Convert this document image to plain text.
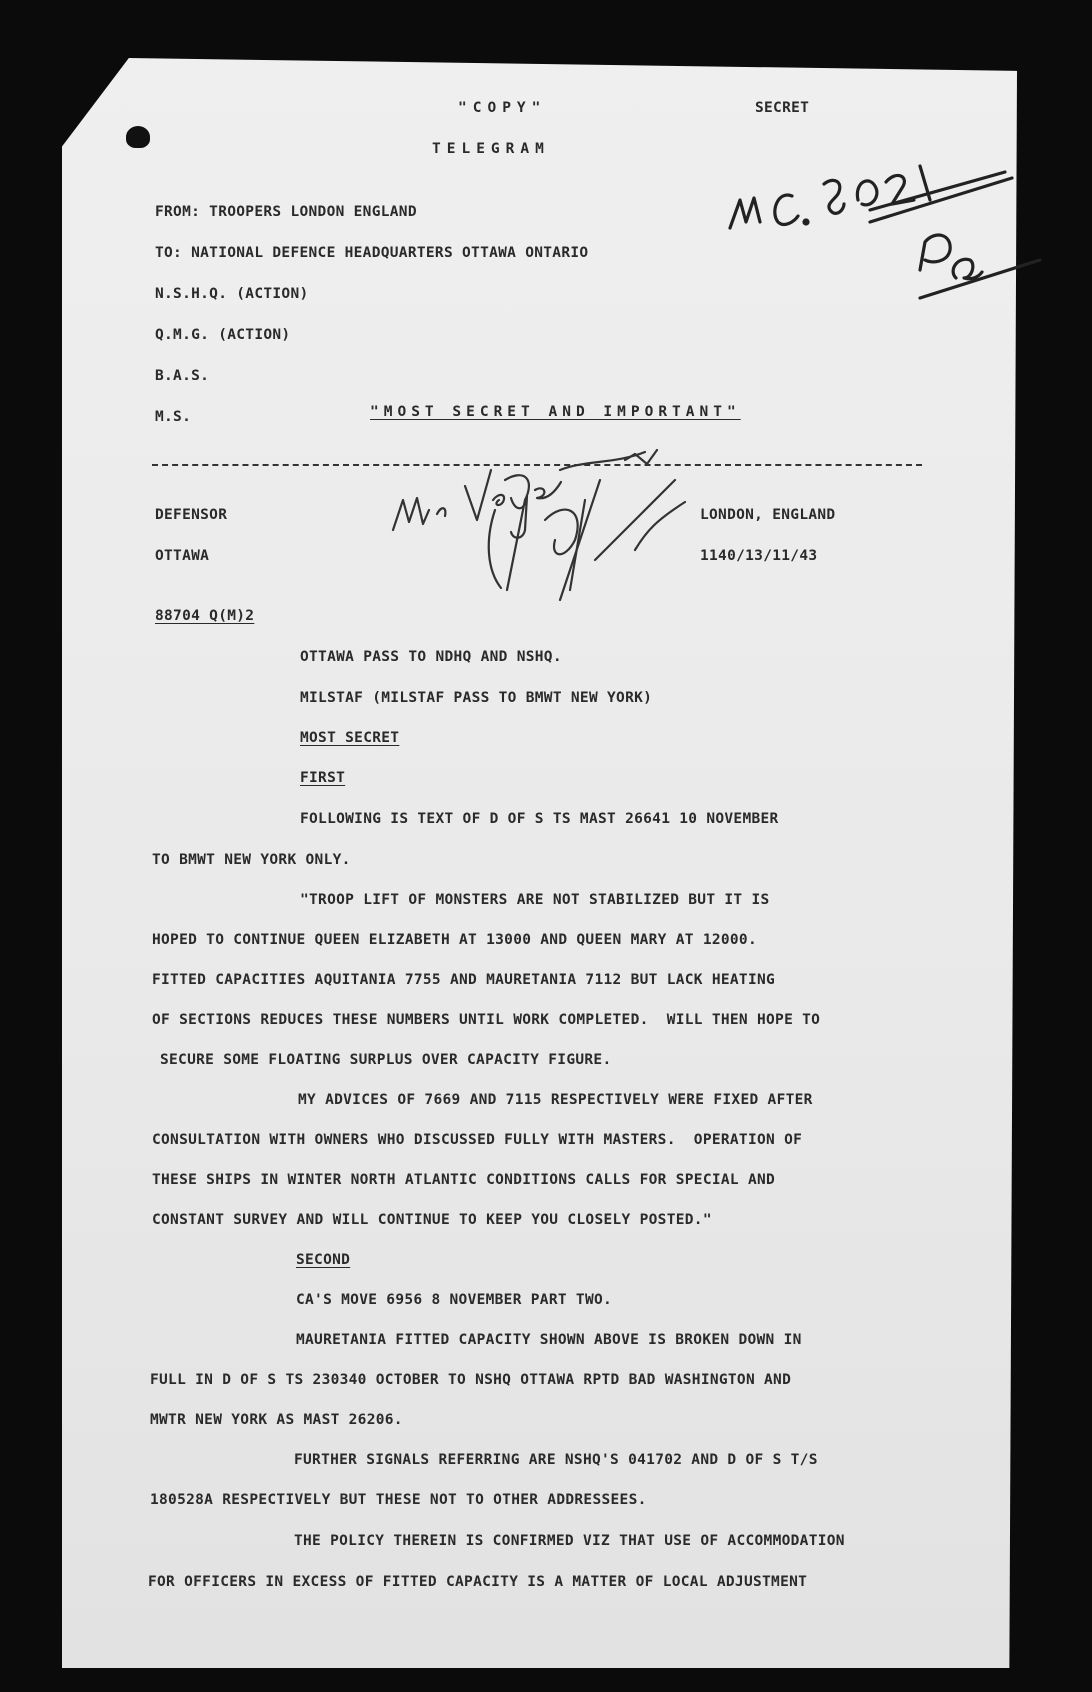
"COPY"	SECRET
TELEGRAM
FROM: TROOPERS LONDON ENGLAND
TO: NATIONAL DEFENCE HEADQUARTERS OTTAWA ONTARIO
N.S.H.Q. (ACTION)
Q.M.G. (ACTION)
B.A.S.
M.S.	"MOST SECRET AND IMPORTANT"
DEFENSOR
OTTAWA
LONDON, ENGLAND
1140/13/11/43
88704 Q(M)2
OTTAWA PASS TO NDHQ AND NSHQ.
MILSTAF (MILSTAF PASS TO BMWT NEW YORK)
MOST SECRET
FIRST
FOLLOWING IS TEXT OF D OF S TS MAST 26641 10 NOVEMBER
TO BMWT NEW YORK ONLY.
"TROOP LIFT OF MONSTERS ARE NOT STABILIZED BUT IT IS
HOPED TO CONTINUE QUEEN ELIZABETH AT 13000 AND QUEEN MARY AT 12000.
FITTED CAPACITIES AQUITANIA 7755 AND MAURETANIA 7112 BUT LACK HEATING
OF SECTIONS REDUCES THESE NUMBERS UNTIL WORK COMPLETED.  WILL THEN HOPE TO
SECURE SOME FLOATING SURPLUS OVER CAPACITY FIGURE.
MY ADVICES OF 7669 AND 7115 RESPECTIVELY WERE FIXED AFTER
CONSULTATION WITH OWNERS WHO DISCUSSED FULLY WITH MASTERS.  OPERATION OF
THESE SHIPS IN WINTER NORTH ATLANTIC CONDITIONS CALLS FOR SPECIAL AND
CONSTANT SURVEY AND WILL CONTINUE TO KEEP YOU CLOSELY POSTED."
SECOND
CA'S MOVE 6956 8 NOVEMBER PART TWO.
MAURETANIA FITTED CAPACITY SHOWN ABOVE IS BROKEN DOWN IN
FULL IN D OF S TS 230340 OCTOBER TO NSHQ OTTAWA RPTD BAD WASHINGTON AND
MWTR NEW YORK AS MAST 26206.
FURTHER SIGNALS REFERRING ARE NSHQ'S 041702 AND D OF S T/S
180528A RESPECTIVELY BUT THESE NOT TO OTHER ADDRESSEES.
THE POLICY THEREIN IS CONFIRMED VIZ THAT USE OF ACCOMMODATION
FOR OFFICERS IN EXCESS OF FITTED CAPACITY IS A MATTER OF LOCAL ADJUSTMENT
